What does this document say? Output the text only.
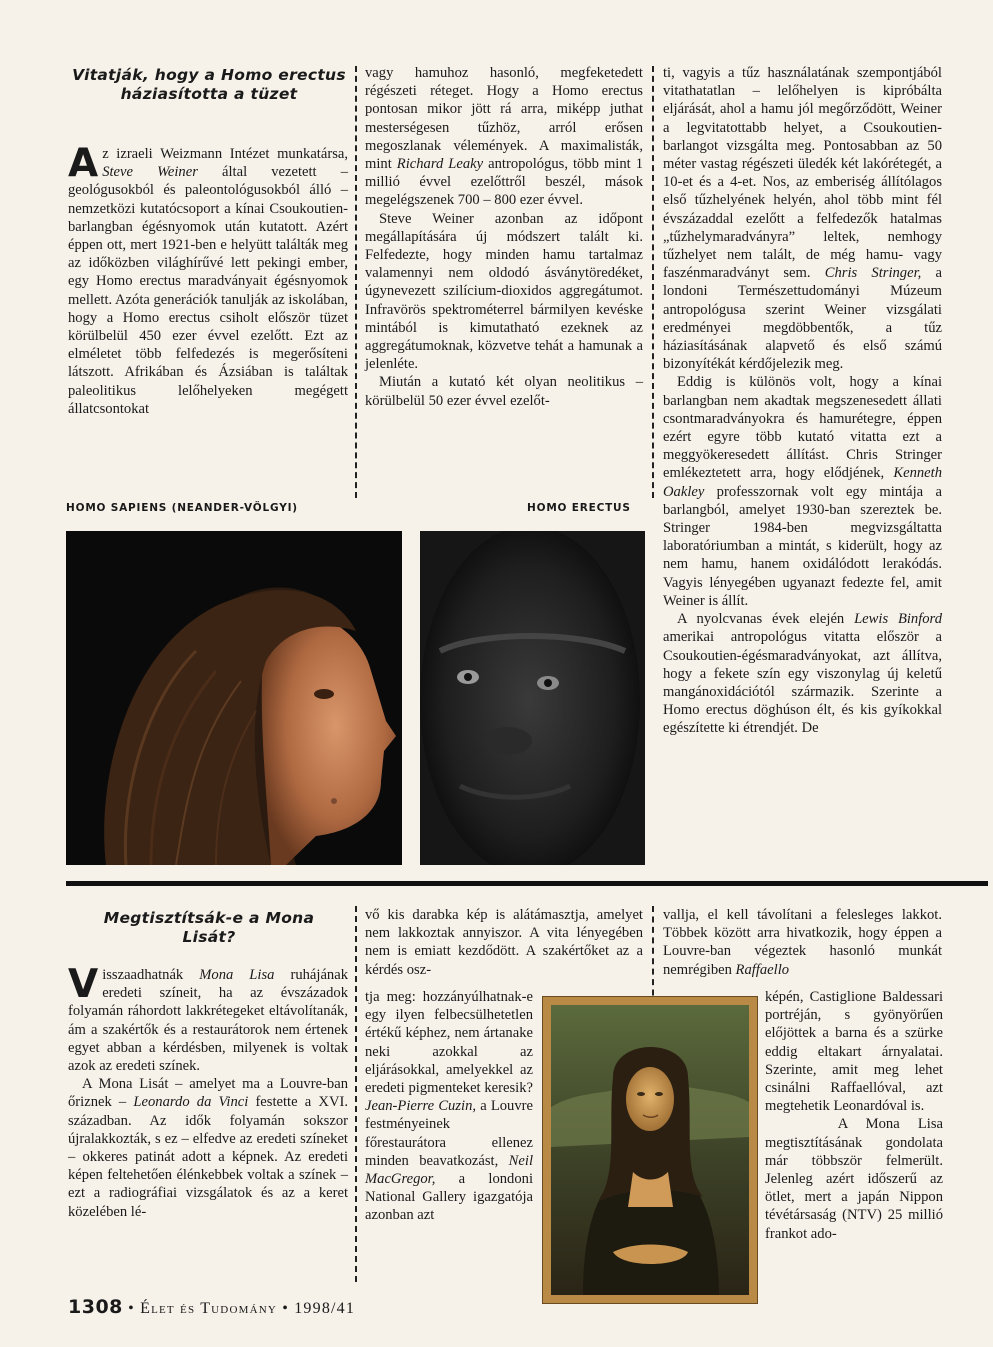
Vitatják, hogy a Homo erectus háziasította a tüzet
A z izraeli Weizmann Intézet munkatársa, Steve Weiner által vezetett – geológusokból és paleontológusokból álló – nemzetközi kutatócsoport a kínai Csoukoutien-barlangban égésnyomok után kutatott. Azért éppen ott, mert 1921-ben e helyütt találták meg az időközben világhírűvé lett pekingi ember, egy Homo erectus maradványait égésnyomok mellett. Azóta generációk tanulják az iskolában, hogy a Homo erectus csiholt először tüzet körülbelül 450 ezer évvel ezelőtt. Ezt az elméletet több felfedezés is megerősíteni látszott. Afrikában és Ázsiában is találtak paleolitikus lelőhelyeken megégett állatcsontokat

vagy hamuhoz hasonló, megfeketedett régészeti réteget. Hogy a Homo erectus pontosan mikor jött rá arra, miképp juthat mesterségesen tűzhöz, arról erősen megoszlanak vélemények. A maximalisták, mint Richard Leaky antropológus, több mint 1 millió évvel ezelőttről beszél, mások megelégszenek 700 – 800 ezer évvel.

Steve Weiner azonban az időpont megállapítására új módszert talált ki. Felfedezte, hogy minden hamu tartalmaz valamennyi nem oldodó ásványtöredéket, úgynevezett szilícium-dioxidos aggregátumot. Infravörös spektrométerrel bármilyen kevéske mintából is kimutatható ezeknek az aggregátumoknak, közvetve tehát a hamunak a jelenléte.

Miután a kutató két olyan neolitikus – körülbelül 50 ezer évvel ezelőt-

ti, vagyis a tűz használatának szempontjából vitathatatlan – lelőhelyen is kipróbálta eljárását, ahol a hamu jól megőrződött, Weiner a legvitatottabb helyet, a Csoukoutien-barlangot vizsgálta meg. Pontosabban az 50 méter vastag régészeti üledék két lakórétegét, a 10-et és a 4-et. Nos, az emberiség állítólagos első tűzhelyének helyén, ahol több mint fél évszázaddal ezelőtt a felfedezők hatalmas „tűzhelymaradványra” leltek, nemhogy tűzhelyet nem talált, de még hamu- vagy faszénmaradványt sem. Chris Stringer, a londoni Természettudományi Múzeum antropológusa szerint Weiner vizsgálati eredményei megdöbbentők, a tűz háziasításának alapvető és első számú bizonyítékát kérdőjelezik meg.

Eddig is különös volt, hogy a kínai barlangban nem akadtak megszenesedett állati csontmaradványokra és hamurétegre, éppen ezért egyre több kutató vitatta ezt a meggyökeresedett állítást. Chris Stringer emlékeztetett arra, hogy elődjének, Kenneth Oakley professzornak volt egy mintája a barlangból, amelyet 1930-ban szereztek be. Stringer 1984-ben megvizsgáltatta laboratóriumban a mintát, s kiderült, hogy az nem hamu, hanem oxidálódott lerakódás. Vagyis lényegében ugyanazt fedezte fel, amit Weiner is állít.

A nyolcvanas évek elején Lewis Binford amerikai antropológus vitatta először a Csoukoutien-égésmaradványokat, azt állítva, hogy a fekete szín egy viszonylag új keletű mangánoxidációtól származik. Szerinte a Homo erectus döghúson élt, és kis gyíkokkal egészítette ki étrendjét. De

HOMO SAPIENS (NEANDER-VÖLGYI)	HOMO ERECTUS
Megtisztítsák-e a Mona Lisát?
V isszaadhatnák Mona Lisa ruhájának eredeti színeit, ha az évszázadok folyamán ráhordott lakkrétegeket eltávolítanák, ám a szakértők és a restaurátorok nem értenek egyet abban a kérdésben, milyenek is voltak azok az eredeti színek.

A Mona Lisát – amelyet ma a Louvre-ban őriznek – Leonardo da Vinci festette a XVI. században. Az idők folyamán sokszor újralakkozták, s ez – elfedve az eredeti színeket – okkeres patinát adott a képnek. Az eredeti képen feltehetően élénkebbek voltak a színek – ezt a radiográfiai vizsgálatok és az a keret közelében lé-

vő kis darabka kép is alátámasztja, amelyet nem lakkoztak annyiszor. A vita lényegében nem is emiatt kezdődött. A szakértőket az a kérdés osz-
tja meg: hozzányúlhatnak-e egy ilyen felbecsülhetetlen értékű képhez, nem ártanake neki azokkal az eljárásokkal, amelyekkel az eredeti pigmenteket keresik? Jean-Pierre Cuzin, a Louvre festményeinek főrestaurátora ellenez minden beavatkozást, Neil MacGregor, a londoni National Gallery igazgatója azonban azt
vallja, el kell távolítani a felesleges lakkot. Többek között arra hivatkozik, hogy éppen a Louvre-ban végeztek hasonló munkát nemrégiben Raffaello
képén, Castiglione Baldessari portréján, s gyönyörűen előjöttek a barna és a szürke eddig eltakart árnyalatai. Szerinte, amit meg lehet csinálni Raffaellóval, azt megtehetik Leonardóval is.
A Mona Lisa megtisztításának gondolata már többször felmerült. Jelenleg azért időszerű az ötlet, mert a japán Nippon tévétársaság (NTV) 25 millió frankot ado-
1308 • Élet és Tudomány • 1998/41
